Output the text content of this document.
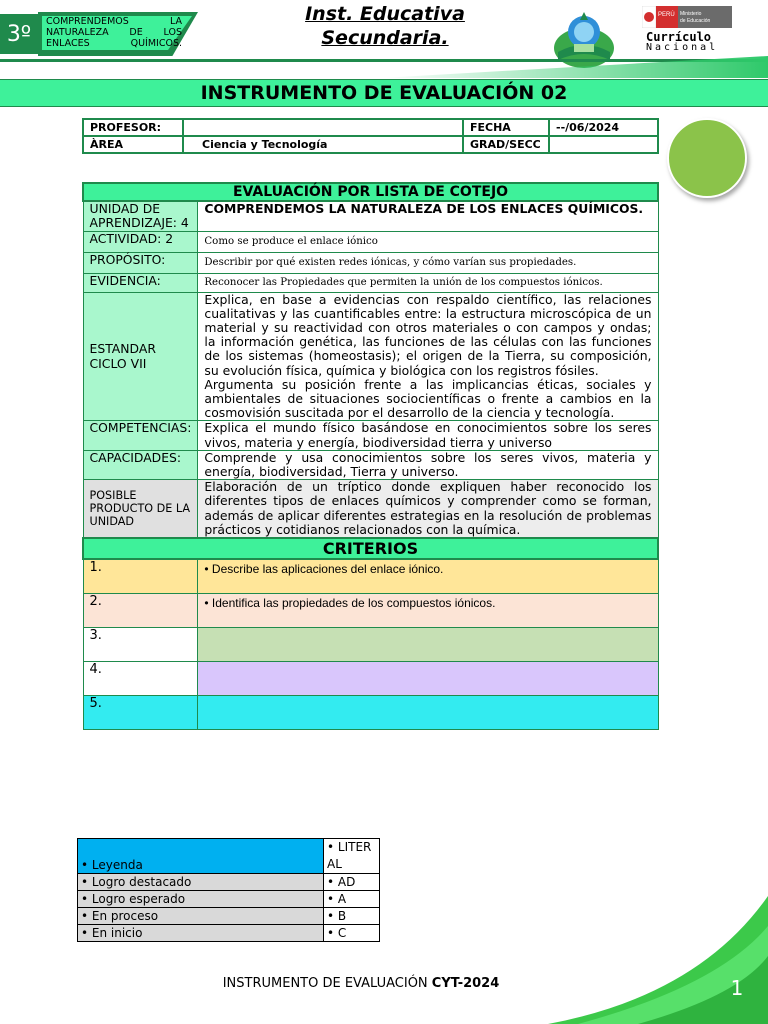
3º COMPRENDEMOS LA NATURALEZA DE LOS ENLACES QUÍMICOS.
Inst. Educativa
Secundaria.
PERÚ Ministerio
de Educación
Currículo
Nacional
INSTRUMENTO DE EVALUACIÓN 02
PROFESOR:		FECHA	--/06/2024
ÀREA	Ciencia y Tecnología	GRAD/SECC	
EVALUACIÓN POR LISTA DE COTEJO	
UNIDAD DE APRENDIZAJE: 4	COMPRENDEMOS LA NATURALEZA DE LOS ENLACES QUÍMICOS.
ACTIVIDAD: 2	Como se produce el enlace iónico
PROPÓSITO:	Describir por qué existen redes iónicas, y cómo varían sus propiedades.
EVIDENCIA:	Reconocer las Propiedades que permiten la unión de los compuestos iónicos.
ESTANDAR CICLO VII	Explica, en base a evidencias con respaldo científico, las relaciones cualitativas y las cuantificables entre: la estructura microscópica de un material y su reactividad con otros materiales o con campos y ondas; la información genética, las funciones de las células con las funciones de los sistemas (homeostasis); el origen de la Tierra, su composición, su evolución física, química y biológica con los registros fósiles.
Argumenta su posición frente a las implicancias éticas, sociales y ambientales de situaciones sociocientíficas o frente a cambios en la cosmovisión suscitada por el desarrollo de la ciencia y tecnología.

COMPETENCIAS:	Explica el mundo físico basándose en conocimientos sobre los seres vivos, materia y energía, biodiversidad tierra y universo
CAPACIDADES:	Comprende y usa conocimientos sobre los seres vivos, materia y energía, biodiversidad, Tierra y universo.
POSIBLE PRODUCTO DE LA UNIDAD	Elaboración de un tríptico donde expliquen haber reconocido los diferentes tipos de enlaces químicos y comprender como se forman, además de aplicar diferentes estrategias en la resolución de problemas prácticos y cotidianos relacionados con la química.
CRITERIOS	
1.	• Describe las aplicaciones del enlace iónico.
2.	• Identifica las propiedades de los compuestos iónicos.
3.	
4.	
5.	
• Leyenda	• LITERAL
• Logro destacado	• AD
• Logro esperado	• A
• En proceso	• B
• En inicio	• C
INSTRUMENTO DE EVALUACIÓN CYT-2024	1
